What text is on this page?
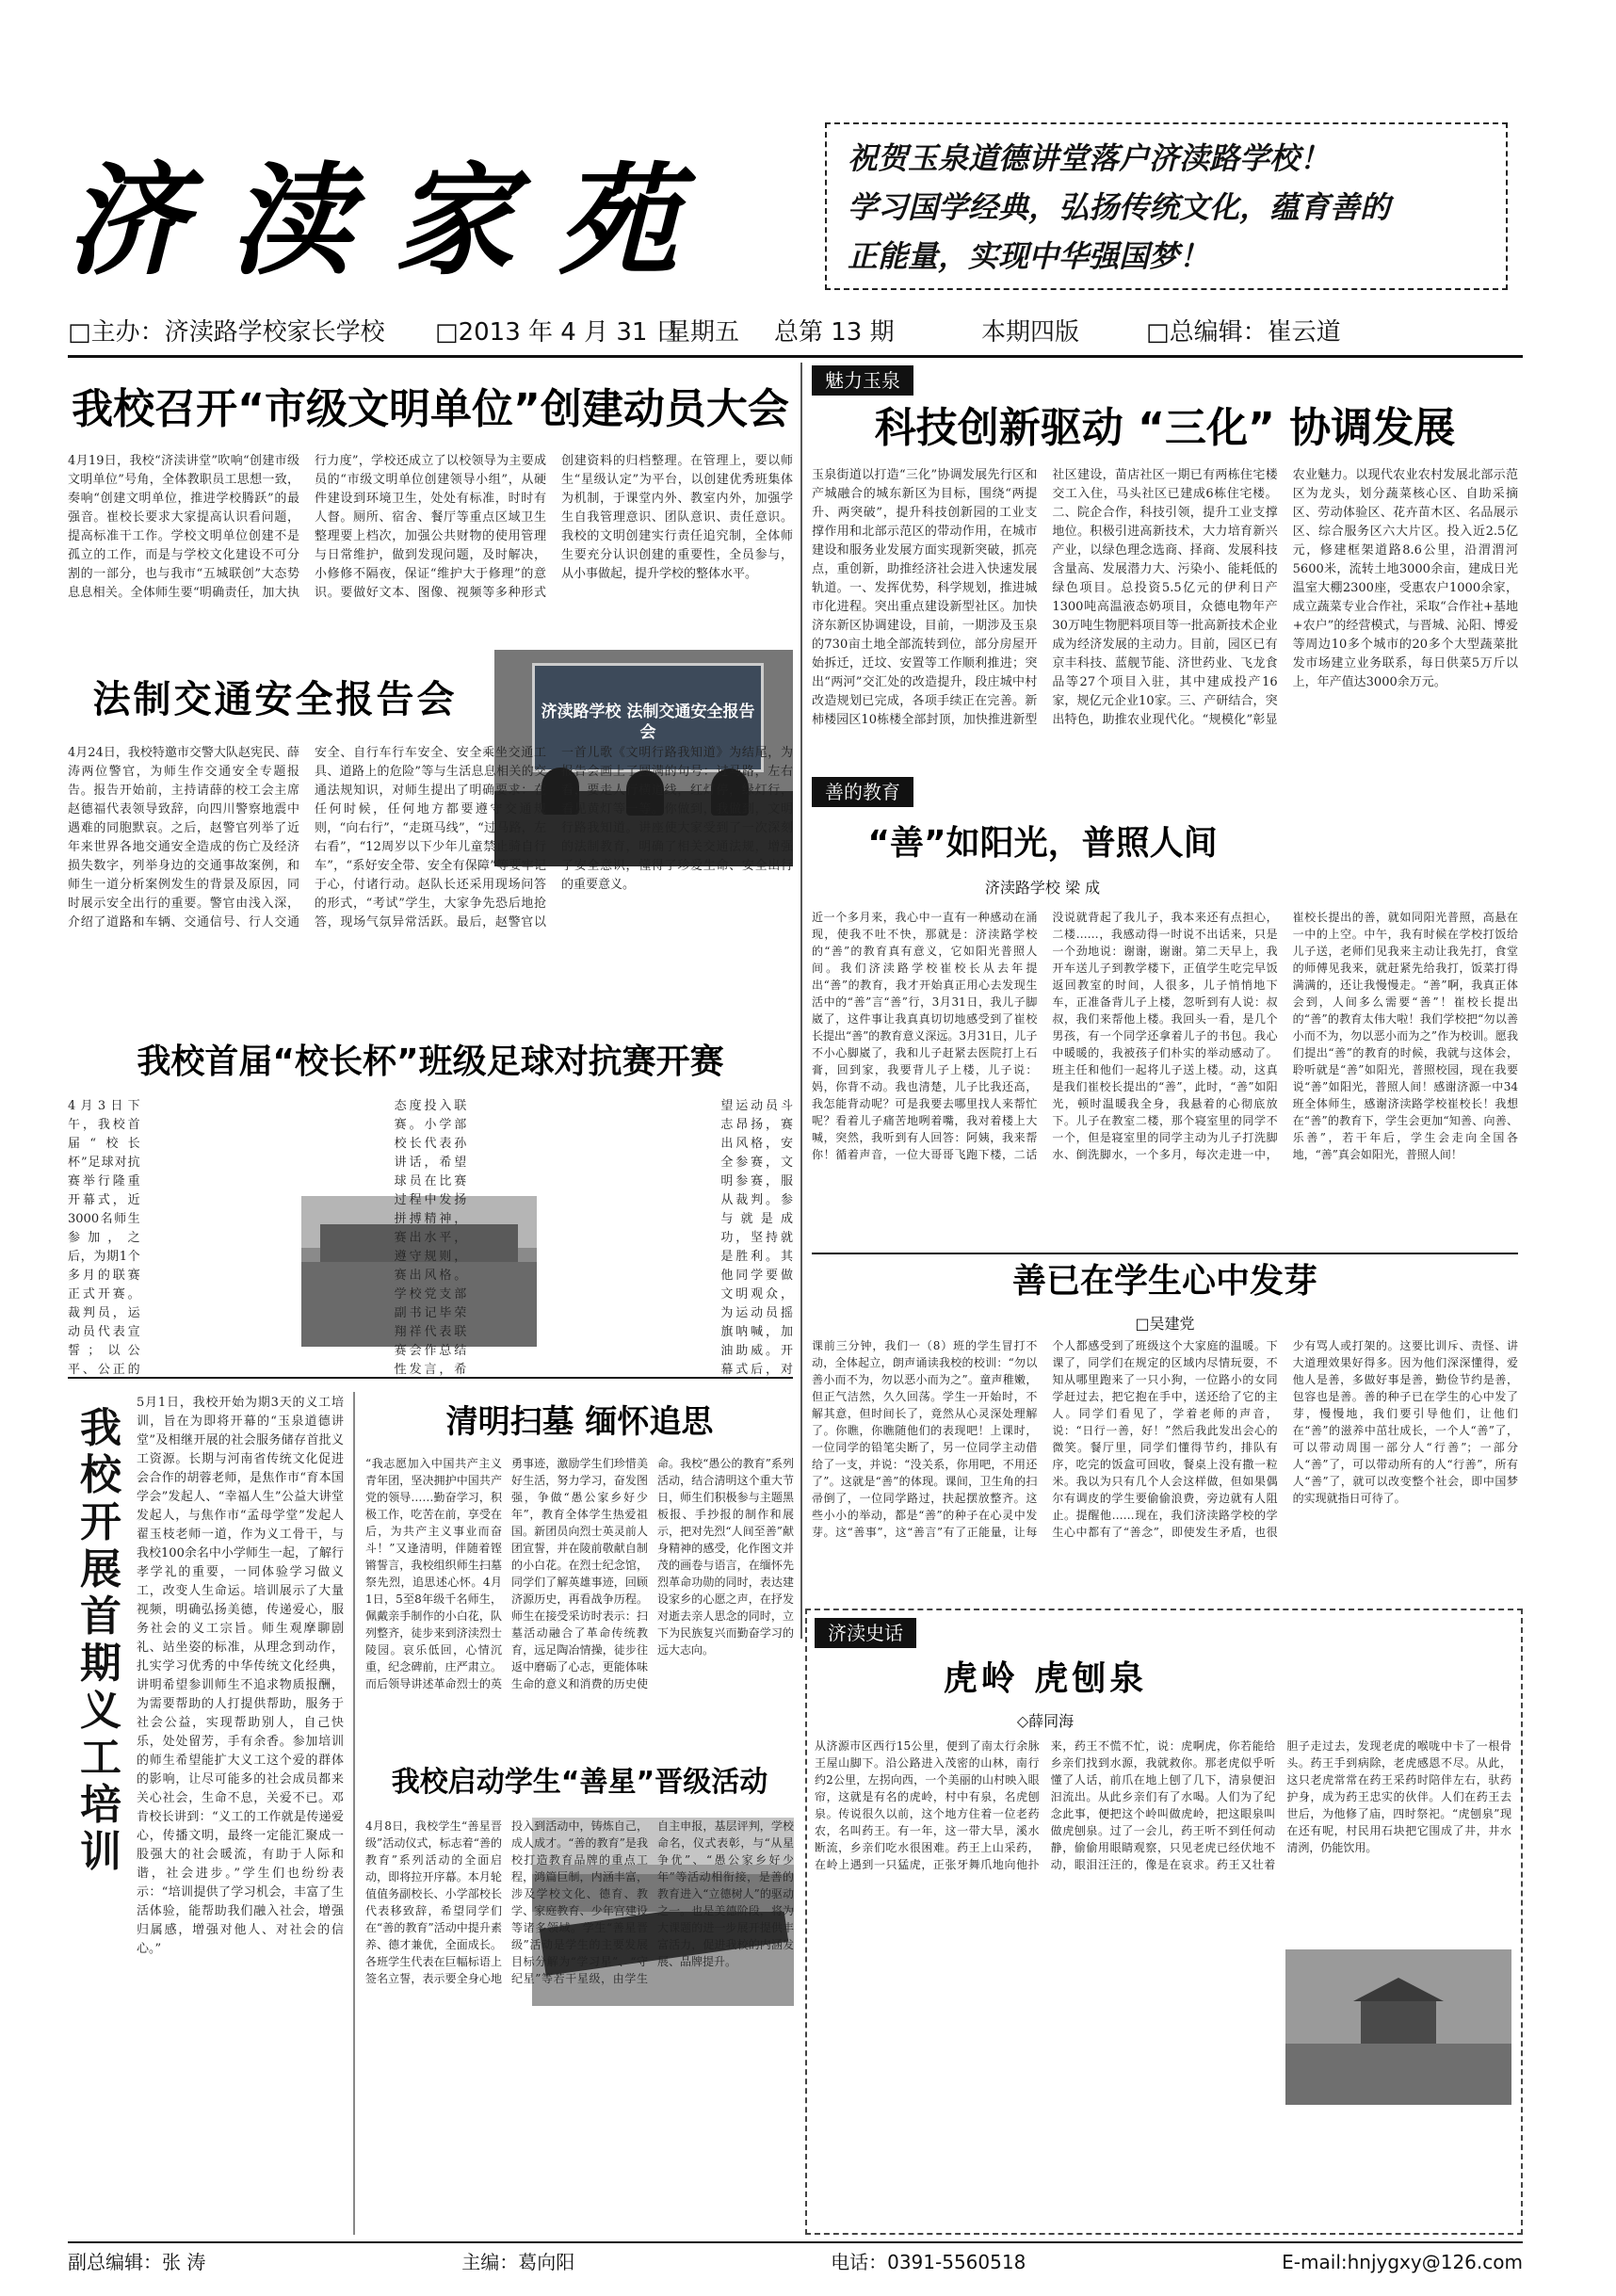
济渎家苑	祝贺玉泉道德讲堂落户济渎路学校！
学习国学经典，弘扬传统文化，蕴育善的
正能量，实现中华强国梦！
□主办：济渎路学校家长学校	□2013 年 4 月 31 日
星期五	总第 13 期	本期四版	□总编辑：崔云道
我校召开“市级文明单位”创建动员大会
4月19日，我校“济渎讲堂”吹响“创建市级文明单位”号角，全体教职员工思想一致，奏响“创建文明单位，推进学校腾跃”的最强音。崔校长要求大家提高认识看问题，提高标准干工作。学校文明单位创建不是孤立的工作，而是与学校文化建设不可分割的一部分，也与我市“五城联创”大态势息息相关。全体师生要“明确责任，加大执行力度”，学校还成立了以校领导为主要成员的“市级文明单位创建领导小组”，从硬件建设到环境卫生，处处有标准，时时有人督。厕所、宿舍、餐厅等重点区域卫生整理要上档次，加强公共财物的使用管理与日常维护，做到发现问题，及时解决，小修修不隔夜，保证“维护大于修理”的意识。要做好文本、图像、视频等多种形式创建资料的归档整理。在管理上，要以师生“星级认定”为平台，以创建优秀班集体为机制，于课堂内外、教室内外，加强学生自我管理意识、团队意识、责任意识。我校的文明创建实行责任追究制，全体师生要充分认识创建的重要性，全员参与，从小事做起，提升学校的整体水平。
法制交通安全报告会	济渎路学校 法制交通安全报告会
4月24日，我校特邀市交警大队赵宪民、薛涛两位警官，为师生作交通安全专题报告。报告开始前，主持请薛的校工会主席赵德福代表领导致辞，向四川警察地震中遇难的同胞默哀。之后，赵警官列举了近年来世界各地交通安全造成的伤亡及经济损失数字，列举身边的交通事故案例，和师生一道分析案例发生的背景及原因，同时展示安全出行的重要。警官由浅入深，介绍了道路和车辆、交通信号、行人交通安全、自行车行车安全、安全乘坐交通工具、道路上的危险”等与生活息息相关的交通法规知识，对师生提出了明确要求：在任何时候，任何地方都要遵守交通规则，“向右行”，“走斑马线”，“过马路，左右看”，“12周岁以下少年儿童禁止骑自行车”，“系好安全带、安全有保障”等要牢记于心，付诸行动。赵队长还采用现场问答的形式，“考试”学生，大家争先恐后地抢答，现场气氛异常活跃。最后，赵警官以一首儿歌《文明行路我知道》为结尾，为报告会画上了圆满的句号：过马路，左右看，要走人行横道线，红灯停，绿灯行，看见黄灯等一等。你做到，我做到，文明行路我知道。讲座使大家受到了一次深刻的法制教育，明确了相关交通法规，增强了安全意识，懂得了珍爱生命、安全出行的重要意义。
我校首届“校长杯”班级足球对抗赛开赛
4月3日下午，我校首届“校长杯”足球对抗赛举行隆重开幕式，近3000名师生参加，之后，为期1个多月的联赛正式开赛。裁判员，运动员代表宣誓；以公平、公正的态度投入联赛。小学部校长代表孙讲话，希望球员在比赛过程中发扬拼搏精神，赛出水平，遵守规则，赛出风格。学校党支部副书记毕荣翔祥代表联赛会作总结性发言，希望运动员斗志昂扬，赛出风格，安全参赛，文明参赛，服从裁判。参与就是成功，坚持就是胜利。其他同学要做文明观众，为运动员摇旗呐喊，加油助威。开幕式后，对
我校开展首期义工培训
5月1日，我校开始为期3天的义工培训，旨在为即将开幕的“玉泉道德讲堂”及相继开展的社会服务储存首批义工资源。长期与河南省传统文化促进会合作的胡蓉老师，是焦作市“育本国学会”发起人、“幸福人生”公益大讲堂发起人，与焦作市“孟母学堂”发起人翟玉枝老师一道，作为义工骨干，与我校100余名中小学师生一起，了解行孝学礼的重要，一同体验学习做义工，改变人生命运。培训展示了大量视频，明确弘扬美德，传递爱心，服务社会的义工宗旨。师生观摩聊剧礼、站坐姿的标准，从理念到动作，扎实学习优秀的中华传统文化经典，讲明希望参训师生不追求物质报酬，为需要帮助的人打提供帮助，服务于社会公益，实现帮助别人，自己快乐，处处留芳，手有余香。参加培训的师生希望能扩大义工这个爱的群体的影响，让尽可能多的社会成员都来关心社会，生命不息，关爱不已。邓肯校长讲到：“义工的工作就是传递爱心，传播文明，最终一定能汇聚成一股强大的社会暖流，有助于人际和谐，社会进步。”学生们也纷纷表示：“培训提供了学习机会，丰富了生活体验，能帮助我们融入社会，增强归属感，增强对他人、对社会的信心。”
清明扫墓 缅怀追思
“我志愿加入中国共产主义青年团，坚决拥护中国共产党的领导……勤奋学习，积极工作，吃苦在前，享受在后，为共产主义事业而奋斗！”又逢清明，伴随着铿锵誓言，我校组织师生扫墓祭先烈，追思述心怀。4月1日，5至8年级千名师生，佩戴亲手制作的小白花，队列整齐，徒步来到济渎烈士陵园。哀乐低回，心情沉重，纪念碑前，庄严肃立。而后领导讲述革命烈士的英勇事迹，激励学生们珍惜美好生活，努力学习，奋发图强，争做“愚公家乡好少年”，教育全体学生热爱祖国。新团员向烈士英灵前人团宣誓，并在陵前敬献自制的小白花。在烈士纪念馆，同学们了解英雄事迹，回顾济源历史，再看战争历程。师生在接受采访时表示：扫墓活动融合了革命传统教育，远足陶冶情操，徒步往返中磨砺了心志，更能体味生命的意义和消费的历史使命。我校“愚公的教育”系列活动，结合清明这个重大节日，师生们积极参与主题黑板报、手抄报的制作和展示，把对先烈“人间至善”献身精神的感受，化作图文并茂的画卷与语言，在缅怀先烈革命功勋的同时，表达建设家乡的心愿之声，在抒发对逝去亲人思念的同时，立下为民族复兴而勤奋学习的远大志向。
我校启动学生“善星”晋级活动
4月8日，我校学生“善星晋级”活动仪式，标志着“善的教育”系列活动的全面启动，即将拉开序幕。本月轮值值务副校长、小学部校长代表移致辞，希望同学们在“善的教育”活动中提升素养、德才兼优，全面成长。各班学生代表在巨幅标语上签名立誓，表示要全身心地投入到活动中，铸炼自己，成人成才。“善的教育”是我校打造教育品牌的重点工程，鸿篇巨制，内涵丰富，涉及学校文化、德育、教学、家庭教育、少年宫建设等诸多领域。学生“善星晋级”活动是学生的主要发展目标分解为“学习星”、“守纪星”等若干星级，由学生自主申报，基层评判，学校命名，仪式表彰，与“从星争优”、“愚公家乡好少年”等活动相衔接，是善的教育进入“立德树人”的驱动之一。也是美德阶段，将为大课题的进一步展开提供丰富活力，促进我校的内涵发展、品牌提升。
魅力玉泉
科技创新驱动 “三化” 协调发展
玉泉街道以打造“三化”协调发展先行区和产城融合的城东新区为目标，围绕“两提升、两突破”，提升科技创新园的工业支撑作用和北部示范区的带动作用，在城市建设和服务业发展方面实现新突破，抓亮点，重创新，助推经济社会进入快速发展轨道。一、发挥优势，科学规划，推进城市化进程。突出重点建设新型社区。加快济东新区协调建设，目前，一期涉及玉泉的730亩土地全部流转到位，部分房屋开始拆迁，迁坟、安置等工作顺利推进；突出“两河”交汇处的改造提升，段庄城中村改造规划已完成，各项手续正在完善。新柿楼园区10栋楼全部封顶，加快推进新型社区建设，苗店社区一期已有两栋住宅楼交工入住，马头社区已建成6栋住宅楼。二、院企合作，科技引领，提升工业支撑地位。积极引进高新技术，大力培育新兴产业，以绿色理念选商、择商、发展科技含量高、发展潜力大、污染小、能耗低的绿色项目。总投资5.5亿元的伊利日产1300吨高温液态奶项目，众德电物年产30万吨生物肥料项目等一批高新技术企业成为经济发展的主动力。目前，园区已有京丰科技、蓝舰节能、济世药业、飞龙食品等27个项目入驻，其中建成投产16家，规亿元企业10家。三、产研结合，突出特色，助推农业现代化。“规模化”彰显农业魅力。以现代农业农村发展北部示范区为龙头，划分蔬菜核心区、自助采摘区、劳动体验区、花卉苗木区、名品展示区、综合服务区六大片区。投入近2.5亿元，修建框架道路8.6公里，沿渭渭河5600米，流转土地3000余亩，建成日光温室大棚2300座，受惠农户1000余家，成立蔬菜专业合作社，采取“合作社+基地+农户”的经营模式，与晋城、沁阳、博爱等周边10多个城市的20多个大型蔬菜批发市场建立业务联系，每日供菜5万斤以上，年产值达3000余万元。
善的教育
“善”如阳光，普照人间
济渎路学校 梁 成
近一个多月来，我心中一直有一种感动在涌现，使我不吐不快，那就是：济渎路学校的“善”的教育真有意义，它如阳光普照人间。我们济渎路学校崔校长从去年提出“善”的教育，我才开始真正用心去发现生活中的“善”言“善”行，3月31日，我儿子脚崴了，这件事让我真真切切地感受到了崔校长提出“善”的教育意义深远。3月31日，儿子不小心脚崴了，我和儿子赶紧去医院打上石膏，回到家，我要背儿子上楼，儿子说：妈，你背不动。我也清楚，儿子比我还高，我怎能背动呢？可是我要去哪里找人来帮忙呢？看着儿子痛苦地咧着嘴，我对着楼上大喊，突然，我听到有人回答：阿姨，我来帮你！循着声音，一位大哥哥飞跑下楼，二话没说就背起了我儿子，我本来还有点担心，二楼……，我感动得一时说不出话来，只是一个劲地说：谢谢，谢谢。第二天早上，我开车送儿子到教学楼下，正值学生吃完早饭返回教室的时间，人很多，儿子悄悄地下车，正准备背儿子上楼，忽听到有人说：叔叔，我们来帮他上楼。我回头一看，是几个男孩，有一个同学还拿着儿子的书包。我心中暖暖的，我被孩子们朴实的举动感动了。班主任和他们一起将儿子送上楼。动，这真是我们崔校长提出的“善”，此时，“善”如阳光，顿时温暖我全身，我悬着的心彻底放下。儿子在教室二楼，那个寝室里的同学不一个，但是寝室里的同学主动为儿子打洗脚水、倒洗脚水，一个多月，每次走进一中，崔校长提出的善，就如同阳光普照，高悬在一中的上空。中午，我有时候在学校打饭给儿子送，老师们见我来主动让我先打，食堂的师傅见我来，就赶紧先给我打，饭菜打得满满的，还让我慢慢走。“善”啊，我真正体会到，人间多么需要“善”！崔校长提出的“善”的教育太伟大啦！我们学校把“勿以善小而不为，勿以恶小而为之”作为校训。愿我们提出“善”的教育的时候，我就与这体会，聆听就是“善”如阳光，普照校园，现在我要说“善”如阳光，普照人间！感谢济源一中34班全体师生，感谢济渎路学校崔校长！我想在“善”的教育下，学生会更加“知善、向善、乐善”，若干年后，学生会走向全国各地，“善”真会如阳光，普照人间！
善已在学生心中发芽
□吴建党
课前三分钟，我们一（8）班的学生冒打不动，全体起立，朗声诵读我校的校训：“勿以善小而不为，勿以恶小而为之”。童声稚嫩，但正气洁然，久久回荡。学生一开始时，不解其意，但时间长了，竟然从心灵深处理解了。你瞧，你瞧随他们的表现吧！上课时，一位同学的铅笔尖断了，另一位同学主动借给了一支，并说：“没关系，你用吧，不用还了”。这就是“善”的体现。课间，卫生角的扫帚倒了，一位同学路过，扶起摆放整齐。这些小小的举动，都是“善”的种子在心灵中发芽。这“善事”，这“善言”有了正能量，让每个人都感受到了班级这个大家庭的温暖。下课了，同学们在规定的区域内尽情玩耍，不知从哪里跑来了一只小狗，一位路小的女同学赶过去，把它抱在手中，送还给了它的主人。同学们看见了，学着老师的声音，说：“日行一善，好！”然后我此发出会心的微笑。餐厅里，同学们懂得节约，排队有序，吃完的饭盒可回收，餐桌上没有撒一粒米。我以为只有几个人会这样做，但如果偶尔有调皮的学生要偷偷浪费，旁边就有人阻止。提醒他……现在，我们济渎路学校的学生心中都有了“善念”，即使发生矛盾，也很少有骂人或打架的。这要比训斥、责怪、讲大道理效果好得多。因为他们深深懂得，爱他人是善，多做好事是善，勤俭节约是善，包容也是善。善的种子已在学生的心中发了芽，慢慢地，我们要引导他们，让他们在“善”的滋养中茁壮成长，一个人“善”了，可以带动周围一部分人“行善”；一部分人“善”了，可以带动所有的人“行善”，所有人“善”了，就可以改变整个社会，即中国梦的实现就指日可待了。
济渎史话
虎岭 虎刨泉
◇薛同海
从济源市区西行15公里，便到了南太行余脉王屋山脚下。沿公路进入茂密的山林，南行约2公里，左拐向西，一个美丽的山村映入眼帘，这就是有名的虎岭，村中有泉，名虎刨泉。传说很久以前，这个地方住着一位老药农，名叫药王。有一年，这一带大旱，溪水断流，乡亲们吃水很困难。药王上山采药，在岭上遇到一只猛虎，正张牙舞爪地向他扑来，药王不慌不忙，说：虎啊虎，你若能给乡亲们找到水源，我就救你。那老虎似乎听懂了人话，前爪在地上刨了几下，清泉便汩汩流出。从此乡亲们有了水喝。人们为了纪念此事，便把这个岭叫做虎岭，把这眼泉叫做虎刨泉。过了一会儿，药王听不到任何动静，偷偷用眼睛观察，只见老虎已经伏地不动，眼泪汪汪的，像是在哀求。药王又壮着胆子走过去，发现老虎的喉咙中卡了一根骨头。药王手到病除，老虎感恩不尽。从此，这只老虎常常在药王采药时陪伴左右，驮药护身，成为药王忠实的伙伴。人们在药王去世后，为他修了庙，四时祭祀。“虎刨泉”现在还有呢，村民用石块把它围成了井，井水清洌，仍能饮用。
副总编辑：张 涛	主编：葛向阳	电话：0391-5560518	E-mail:hnjygxy@126.com
